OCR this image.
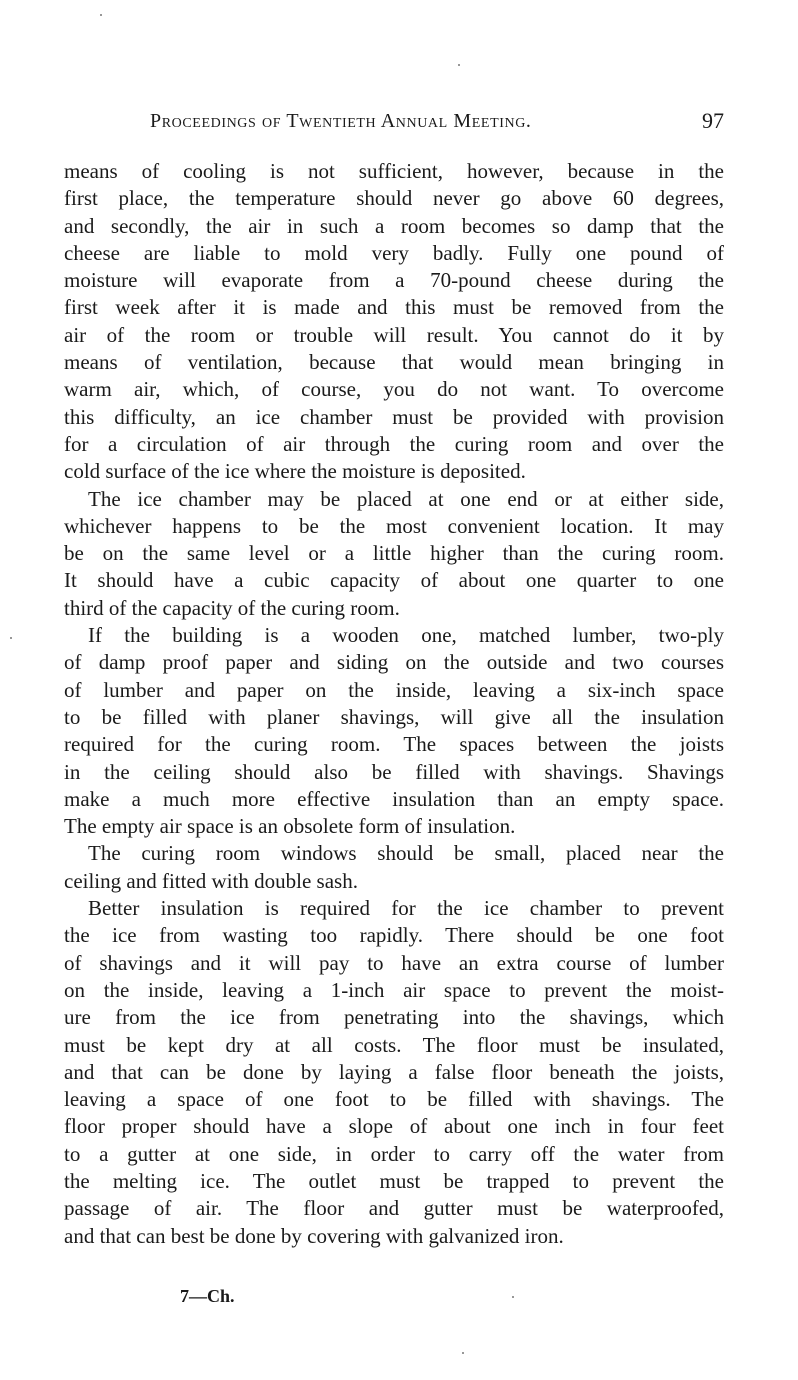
Proceedings of Twentieth Annual Meeting.	97
means of cooling is not sufficient, however, because in the
first place, the temperature should never go above 60 degrees,
and secondly, the air in such a room becomes so damp that the
cheese are liable to mold very badly. Fully one pound of
moisture will evaporate from a 70-pound cheese during the
first week after it is made and this must be removed from the
air of the room or trouble will result. You cannot do it by
means of ventilation, because that would mean bringing in
warm air, which, of course, you do not want. To overcome
this difficulty, an ice chamber must be provided with provision
for a circulation of air through the curing room and over the
cold surface of the ice where the moisture is deposited.
The ice chamber may be placed at one end or at either side,
whichever happens to be the most convenient location. It may
be on the same level or a little higher than the curing room.
It should have a cubic capacity of about one quarter to one
third of the capacity of the curing room.
If the building is a wooden one, matched lumber, two-ply
of damp proof paper and siding on the outside and two courses
of lumber and paper on the inside, leaving a six-inch space
to be filled with planer shavings, will give all the insulation
required for the curing room. The spaces between the joists
in the ceiling should also be filled with shavings. Shavings
make a much more effective insulation than an empty space.
The empty air space is an obsolete form of insulation.
The curing room windows should be small, placed near the
ceiling and fitted with double sash.
Better insulation is required for the ice chamber to prevent
the ice from wasting too rapidly. There should be one foot
of shavings and it will pay to have an extra course of lumber
on the inside, leaving a 1-inch air space to prevent the moist-
ure from the ice from penetrating into the shavings, which
must be kept dry at all costs. The floor must be insulated,
and that can be done by laying a false floor beneath the joists,
leaving a space of one foot to be filled with shavings. The
floor proper should have a slope of about one inch in four feet
to a gutter at one side, in order to carry off the water from
the melting ice. The outlet must be trapped to prevent the
passage of air. The floor and gutter must be waterproofed,
and that can best be done by covering with galvanized iron.
7—Ch.
